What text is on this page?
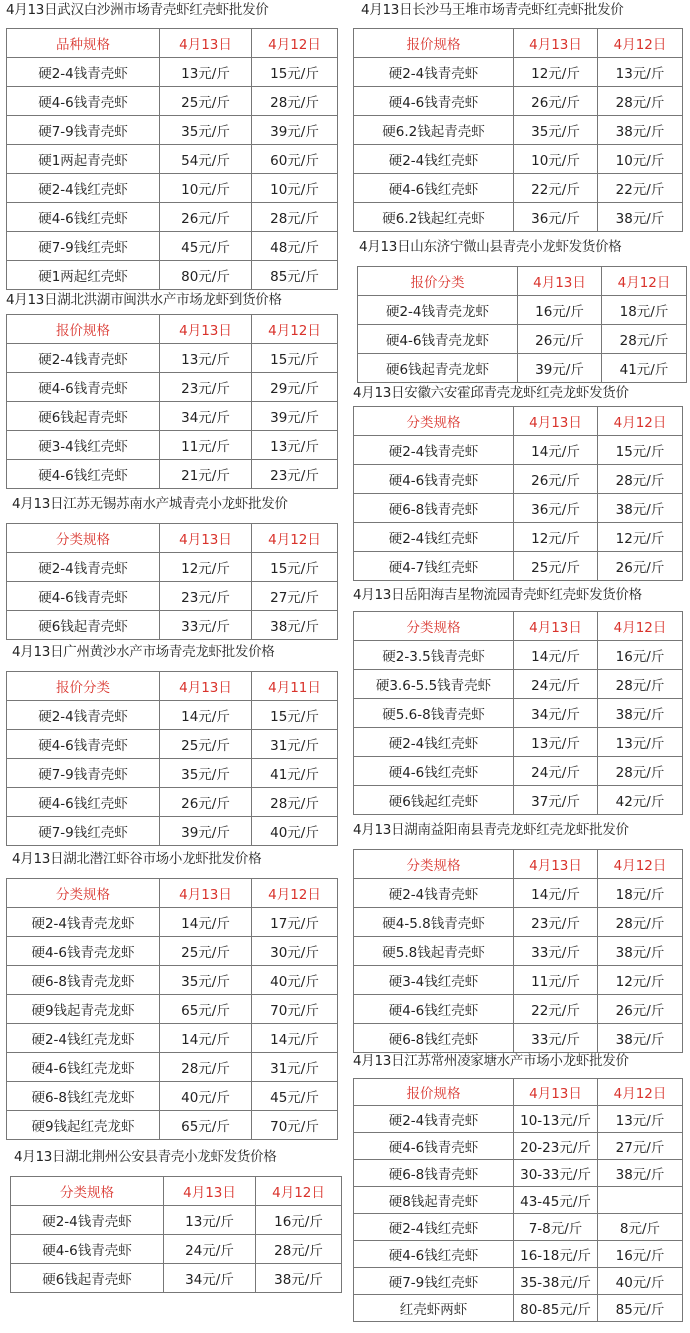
4月13日武汉白沙洲市场青壳虾红壳虾批发价
品种规格	4月13日	4月12日
硬2-4钱青壳虾	13元/斤	15元/斤
硬4-6钱青壳虾	25元/斤	28元/斤
硬7-9钱青壳虾	35元/斤	39元/斤
硬1两起青壳虾	54元/斤	60元/斤
硬2-4钱红壳虾	10元/斤	10元/斤
硬4-6钱红壳虾	26元/斤	28元/斤
硬7-9钱红壳虾	45元/斤	48元/斤
硬1两起红壳虾	80元/斤	85元/斤
4月13日湖北洪湖市闽洪水产市场龙虾到货价格
报价规格	4月13日	4月12日
硬2-4钱青壳虾	13元/斤	15元/斤
硬4-6钱青壳虾	23元/斤	29元/斤
硬6钱起青壳虾	34元/斤	39元/斤
硬3-4钱红壳虾	11元/斤	13元/斤
硬4-6钱红壳虾	21元/斤	23元/斤
4月13日江苏无锡苏南水产城青壳小龙虾批发价
分类规格	4月13日	4月12日
硬2-4钱青壳虾	12元/斤	15元/斤
硬4-6钱青壳虾	23元/斤	27元/斤
硬6钱起青壳虾	33元/斤	38元/斤
4月13日广州黄沙水产市场青壳龙虾批发价格
报价分类	4月13日	4月11日
硬2-4钱青壳虾	14元/斤	15元/斤
硬4-6钱青壳虾	25元/斤	31元/斤
硬7-9钱青壳虾	35元/斤	41元/斤
硬4-6钱红壳虾	26元/斤	28元/斤
硬7-9钱红壳虾	39元/斤	40元/斤
4月13日湖北潜江虾谷市场小龙虾批发价格
分类规格	4月13日	4月12日
硬2-4钱青壳龙虾	14元/斤	17元/斤
硬4-6钱青壳龙虾	25元/斤	30元/斤
硬6-8钱青壳龙虾	35元/斤	40元/斤
硬9钱起青壳龙虾	65元/斤	70元/斤
硬2-4钱红壳龙虾	14元/斤	14元/斤
硬4-6钱红壳龙虾	28元/斤	31元/斤
硬6-8钱红壳龙虾	40元/斤	45元/斤
硬9钱起红壳龙虾	65元/斤	70元/斤
4月13日湖北荆州公安县青壳小龙虾发货价格
分类规格	4月13日	4月12日
硬2-4钱青壳虾	13元/斤	16元/斤
硬4-6钱青壳虾	24元/斤	28元/斤
硬6钱起青壳虾	34元/斤	38元/斤
4月13日长沙马王堆市场青壳虾红壳虾批发价
报价规格	4月13日	4月12日
硬2-4钱青壳虾	12元/斤	13元/斤
硬4-6钱青壳虾	26元/斤	28元/斤
硬6.2钱起青壳虾	35元/斤	38元/斤
硬2-4钱红壳虾	10元/斤	10元/斤
硬4-6钱红壳虾	22元/斤	22元/斤
硬6.2钱起红壳虾	36元/斤	38元/斤
4月13日山东济宁微山县青壳小龙虾发货价格
报价分类	4月13日	4月12日
硬2-4钱青壳龙虾	16元/斤	18元/斤
硬4-6钱青壳龙虾	26元/斤	28元/斤
硬6钱起青壳龙虾	39元/斤	41元/斤
4月13日安徽六安霍邱青壳龙虾红壳龙虾发货价
分类规格	4月13日	4月12日
硬2-4钱青壳虾	14元/斤	15元/斤
硬4-6钱青壳虾	26元/斤	28元/斤
硬6-8钱青壳虾	36元/斤	38元/斤
硬2-4钱红壳虾	12元/斤	12元/斤
硬4-7钱红壳虾	25元/斤	26元/斤
4月13日岳阳海吉星物流园青壳虾红壳虾发货价格
分类规格	4月13日	4月12日
硬2-3.5钱青壳虾	14元/斤	16元/斤
硬3.6-5.5钱青壳虾	24元/斤	28元/斤
硬5.6-8钱青壳虾	34元/斤	38元/斤
硬2-4钱红壳虾	13元/斤	13元/斤
硬4-6钱红壳虾	24元/斤	28元/斤
硬6钱起红壳虾	37元/斤	42元/斤
4月13日湖南益阳南县青壳龙虾红壳龙虾批发价
分类规格	4月13日	4月12日
硬2-4钱青壳虾	14元/斤	18元/斤
硬4-5.8钱青壳虾	23元/斤	28元/斤
硬5.8钱起青壳虾	33元/斤	38元/斤
硬3-4钱红壳虾	11元/斤	12元/斤
硬4-6钱红壳虾	22元/斤	26元/斤
硬6-8钱红壳虾	33元/斤	38元/斤
4月13日江苏常州凌家塘水产市场小龙虾批发价
报价规格	4月13日	4月12日
硬2-4钱青壳虾	10-13元/斤	13元/斤
硬4-6钱青壳虾	20-23元/斤	27元/斤
硬6-8钱青壳虾	30-33元/斤	38元/斤
硬8钱起青壳虾	43-45元/斤	
硬2-4钱红壳虾	7-8元/斤	8元/斤
硬4-6钱红壳虾	16-18元/斤	16元/斤
硬7-9钱红壳虾	35-38元/斤	40元/斤
红壳虾两虾	80-85元/斤	85元/斤
